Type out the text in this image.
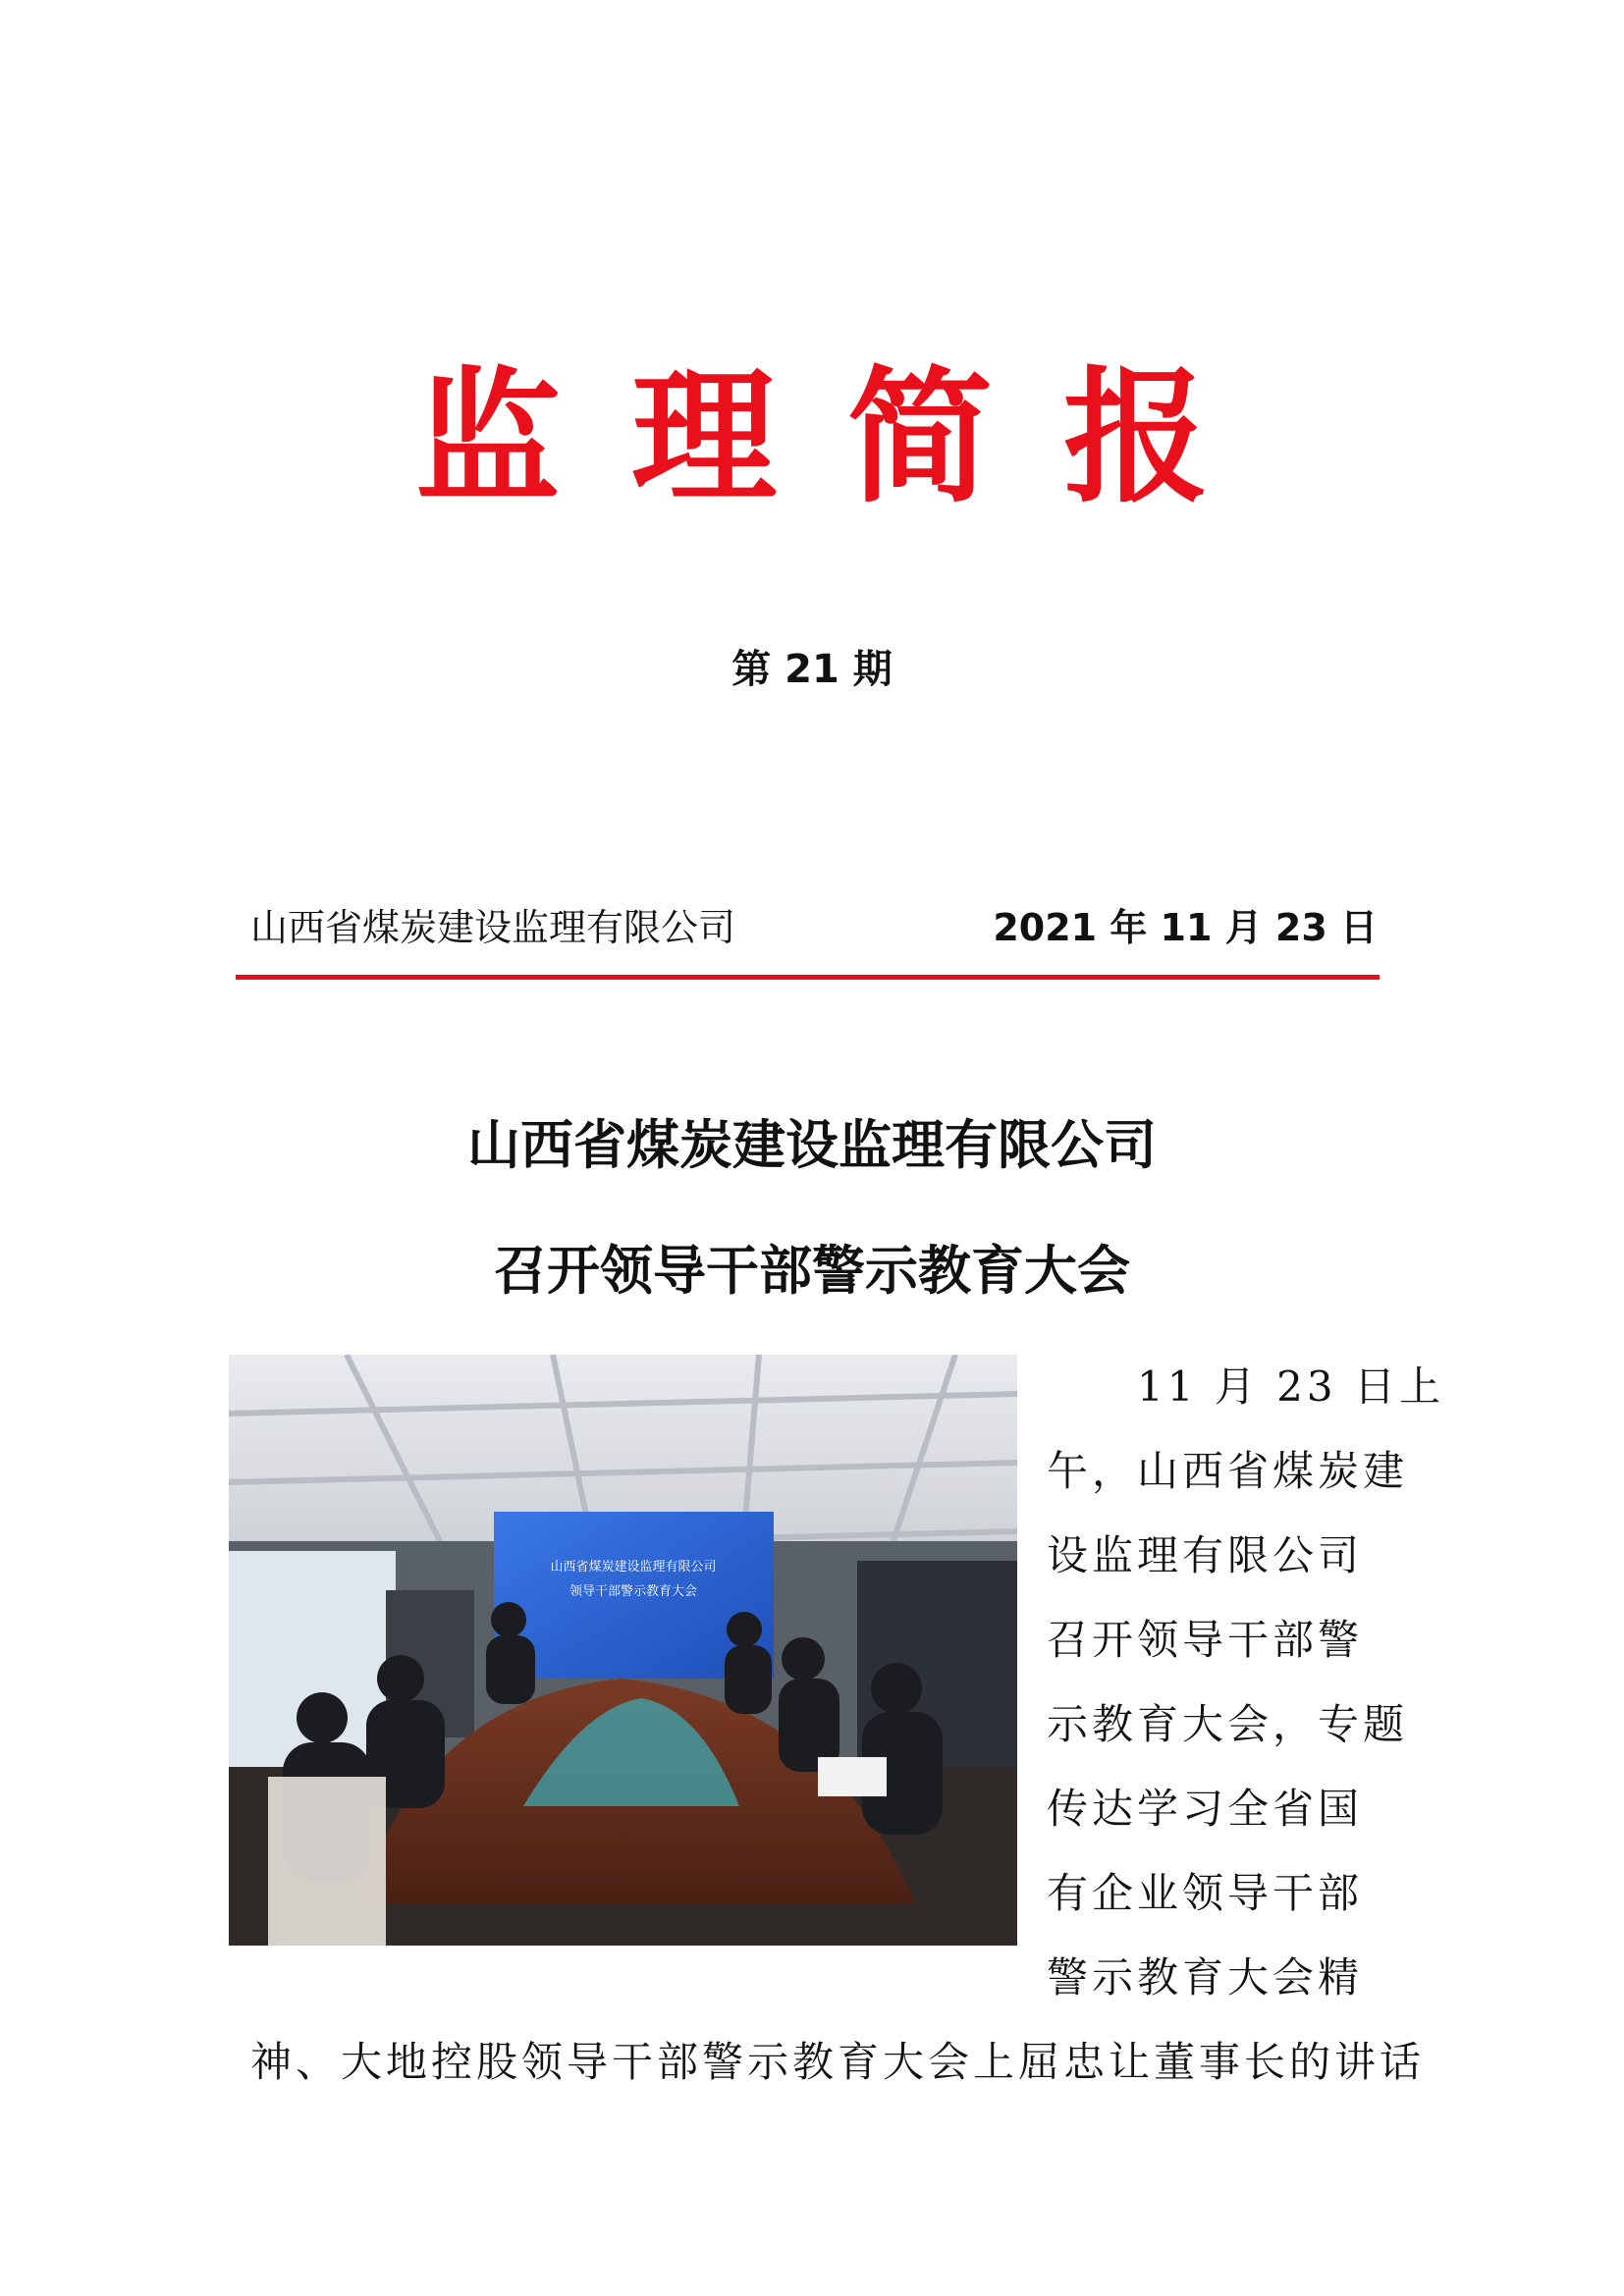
监理简报
第 21 期
山西省煤炭建设监理有限公司	2021 年 11 月 23 日
山西省煤炭建设监理有限公司
召开领导干部警示教育大会
山西省煤炭建设监理有限公司
领导干部警示教育大会
　　11 月 23 日上
午，山西省煤炭建
设监理有限公司
召开领导干部警
示教育大会，专题
传达学习全省国
有企业领导干部
警示教育大会精
神、大地控股领导干部警示教育大会上屈忠让董事长的讲话
